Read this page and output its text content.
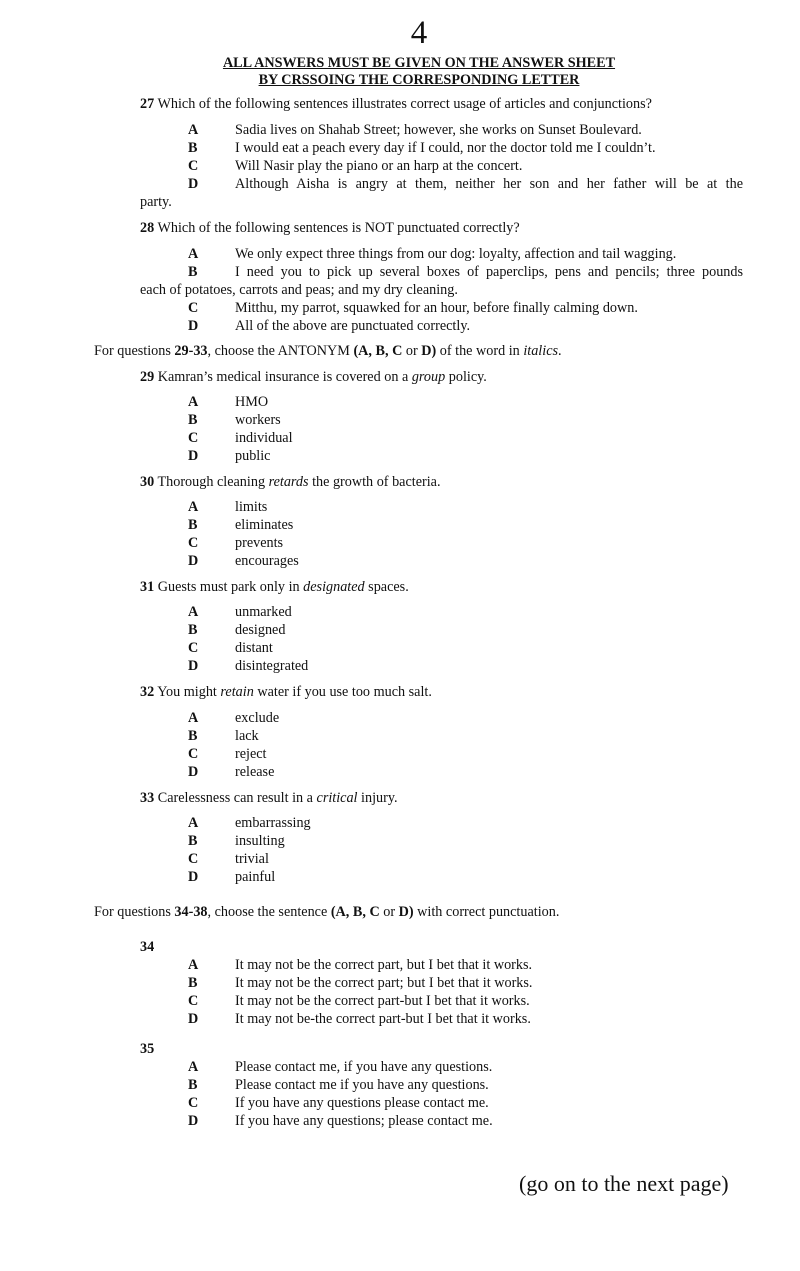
4
ALL ANSWERS MUST BE GIVEN ON THE ANSWER SHEET
BY CRSSOING THE CORRESPONDING LETTER
27 Which of the following sentences illustrates correct usage of articles and conjunctions?
A	Sadia lives on Shahab Street; however, she works on Sunset Boulevard.
B	I would eat a peach every day if I could, nor the doctor told me I couldn’t.
C	Will Nasir play the piano or an harp at the concert.
D	Although Aisha is angry at them, neither her son and her father will be at the
party.
28 Which of the following sentences is NOT punctuated correctly?
A	We only expect three things from our dog: loyalty, affection and tail wagging.
B	I need you to pick up several boxes of paperclips, pens and pencils; three pounds
each of potatoes, carrots and peas; and my dry cleaning.
C	Mitthu, my parrot, squawked for an hour, before finally calming down.
D	All of the above are punctuated correctly.
For questions 29-33, choose the ANTONYM (A, B, C or D) of the word in italics.
29 Kamran’s medical insurance is covered on a group policy.
A	HMO
B	workers
C	individual
D	public
30 Thorough cleaning retards the growth of bacteria.
A	limits
B	eliminates
C	prevents
D	encourages
31 Guests must park only in designated spaces.
A	unmarked
B	designed
C	distant
D	disintegrated
32 You might retain water if you use too much salt.
A	exclude
B	lack
C	reject
D	release
33 Carelessness can result in a critical injury.
A	embarrassing
B	insulting
C	trivial
D	painful
For questions 34-38, choose the sentence (A, B, C or D) with correct punctuation.
34
A	It may not be the correct part, but I bet that it works.
B	It may not be the correct part; but I bet that it works.
C	It may not be the correct part-but I bet that it works.
D	It may not be-the correct part-but I bet that it works.
35
A	Please contact me, if you have any questions.
B	Please contact me if you have any questions.
C	If you have any questions please contact me.
D	If you have any questions; please contact me.
(go on to the next page)
